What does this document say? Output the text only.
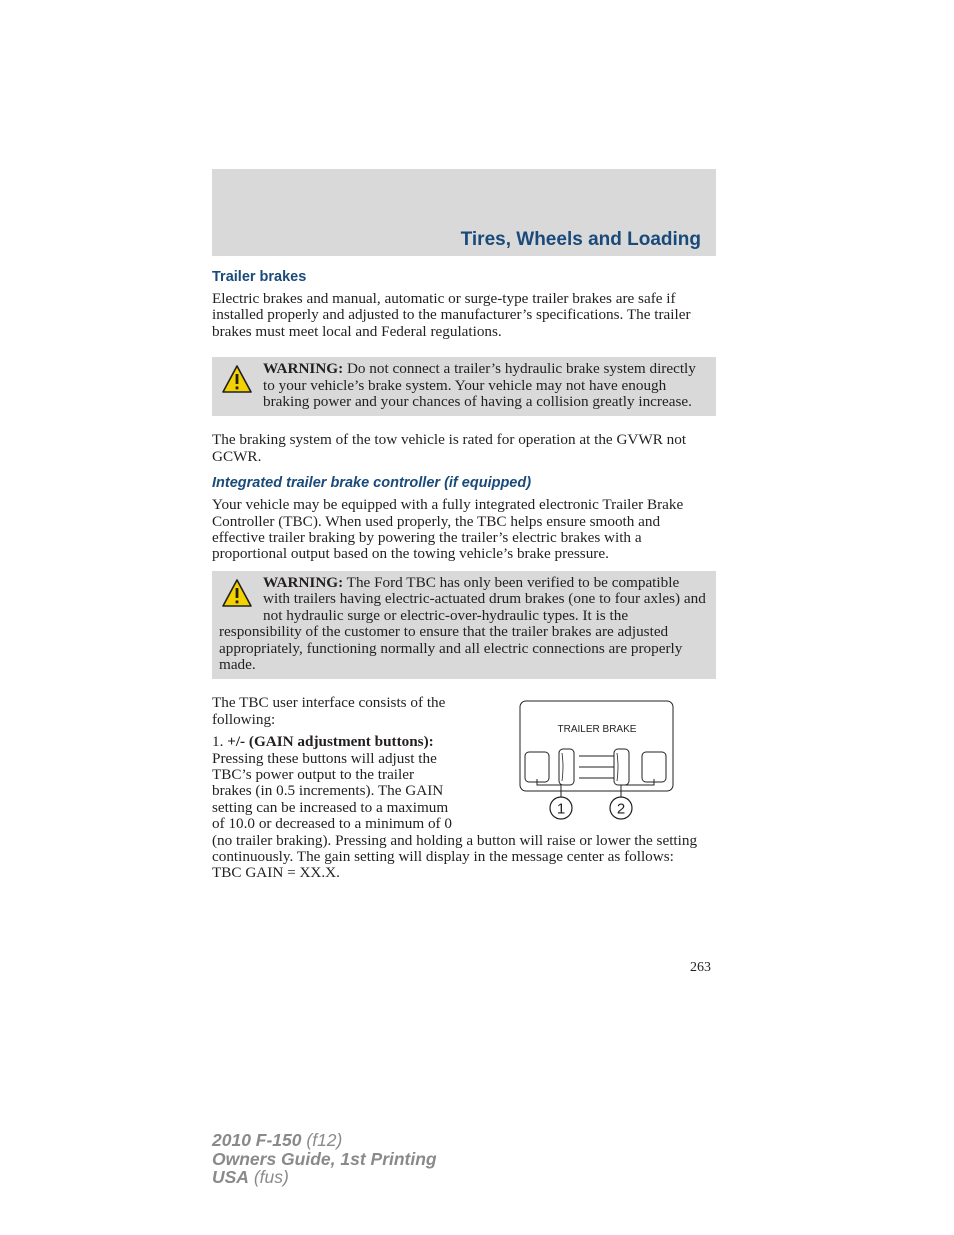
Tires, Wheels and Loading
Trailer brakes

Electric brakes and manual, automatic or surge-type trailer brakes are safe if installed properly and adjusted to the manufacturer’s specifications. The trailer brakes must meet local and Federal regulations.

WARNING: Do not connect a trailer’s hydraulic brake system directly to your vehicle’s brake system. Your vehicle may not have enough braking power and your chances of having a collision greatly increase.

The braking system of the tow vehicle is rated for operation at the GVWR not GCWR.

Integrated trailer brake controller (if equipped)

Your vehicle may be equipped with a fully integrated electronic Trailer Brake Controller (TBC). When used properly, the TBC helps ensure smooth and effective trailer braking by powering the trailer’s electric brakes with a proportional output based on the towing vehicle’s brake pressure.

WARNING: The Ford TBC has only been verified to be compatible with trailers having electric-actuated drum brakes (one to four axles) and not hydraulic surge or electric-over-hydraulic types. It is the responsibility of the customer to ensure that the trailer brakes are adjusted appropriately, functioning normally and all electric connections are properly made.
TRAILER BRAKE
1	2

The TBC user interface consists of the following:

1. +/- (GAIN adjustment buttons): Pressing these buttons will adjust the TBC’s power output to the trailer brakes (in 0.5 increments). The GAIN setting can be increased to a maximum of 10.0 or decreased to a minimum of 0 (no trailer braking). Pressing and holding a button will raise or lower the setting continuously. The gain setting will display in the message center as follows: TBC GAIN = XX.X.

263
2010 F-150 (f12)
Owners Guide, 1st Printing
USA (fus)
